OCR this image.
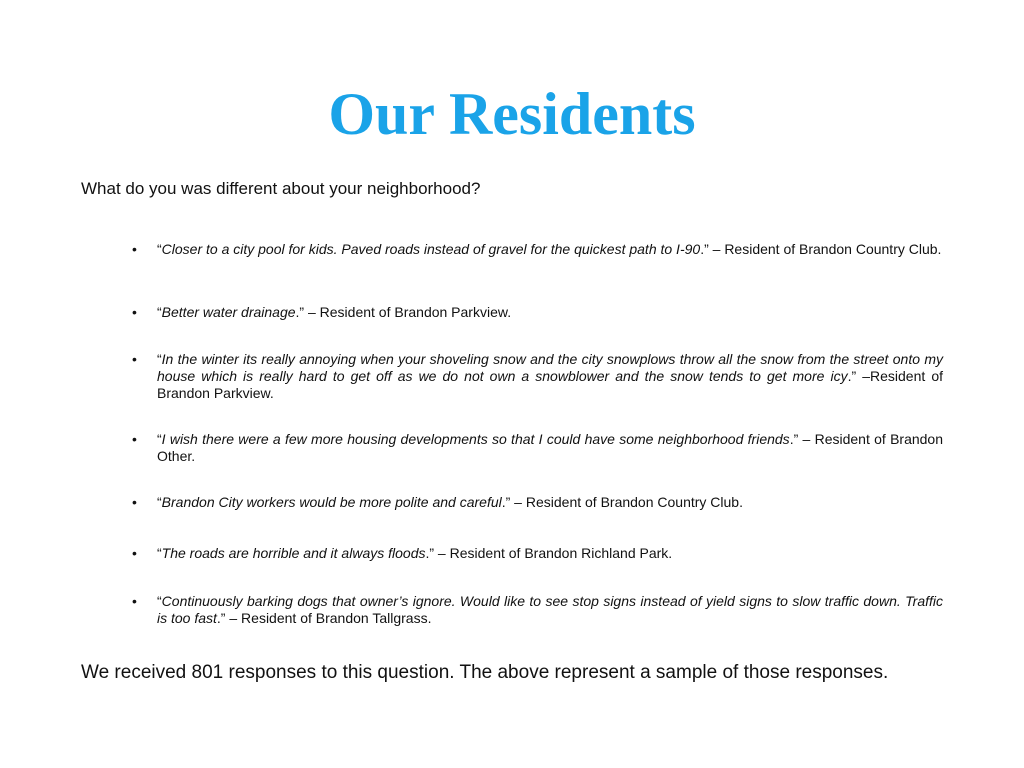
Our Residents

What do you was different about your neighborhood?

• “Closer to a city pool for kids. Paved roads instead of gravel for the quickest path to I-90.” – Resident of Brandon Country Club.
• “Better water drainage.” – Resident of Brandon Parkview.
• “In the winter its really annoying when your shoveling snow and the city snowplows throw all the snow from the street onto my house which is really hard to get off as we do not own a snowblower and the snow tends to get more icy.” –Resident of Brandon Parkview.
• “I wish there were a few more housing developments so that I could have some neighborhood friends.” – Resident of Brandon Other.
• “Brandon City workers would be more polite and careful.” – Resident of Brandon Country Club.
• “The roads are horrible and it always floods.” – Resident of Brandon Richland Park.
• “Continuously barking dogs that owner’s ignore. Would like to see stop signs instead of yield signs to slow traffic down. Traffic is too fast.” – Resident of Brandon Tallgrass.

We received 801 responses to this question. The above represent a sample of those responses.
